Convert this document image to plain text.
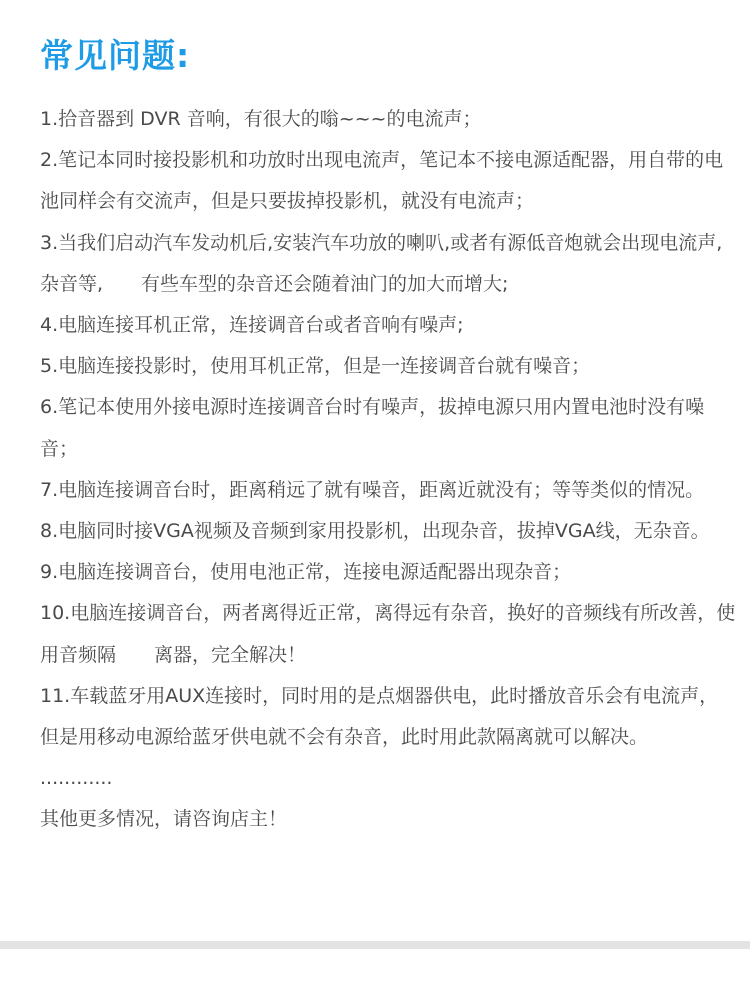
常见问题:

1.拾音器到 DVR 音响，有很大的嗡~~~的电流声；

2.笔记本同时接投影机和功放时出现电流声，笔记本不接电源适配器，用自带的电池同样会有交流声，但是只要拔掉投影机，就没有电流声；

3.当我们启动汽车发动机后,安装汽车功放的喇叭,或者有源低音炮就会出现电流声,杂音等,　　有些车型的杂音还会随着油门的加大而增大;

4.电脑连接耳机正常，连接调音台或者音响有噪声;

5.电脑连接投影时，使用耳机正常，但是一连接调音台就有噪音；

6.笔记本使用外接电源时连接调音台时有噪声，拔掉电源只用内置电池时没有噪音；

7.电脑连接调音台时，距离稍远了就有噪音，距离近就没有；等等类似的情况。

8.电脑同时接VGA视频及音频到家用投影机，出现杂音，拔掉VGA线，无杂音。

9.电脑连接调音台，使用电池正常，连接电源适配器出现杂音；

10.电脑连接调音台，两者离得近正常，离得远有杂音，换好的音频线有所改善，使用音频隔　　离器，完全解决！

11.车载蓝牙用AUX连接时，同时用的是点烟器供电，此时播放音乐会有电流声，但是用移动电源给蓝牙供电就不会有杂音，此时用此款隔离就可以解决。

............

其他更多情况，请咨询店主！
